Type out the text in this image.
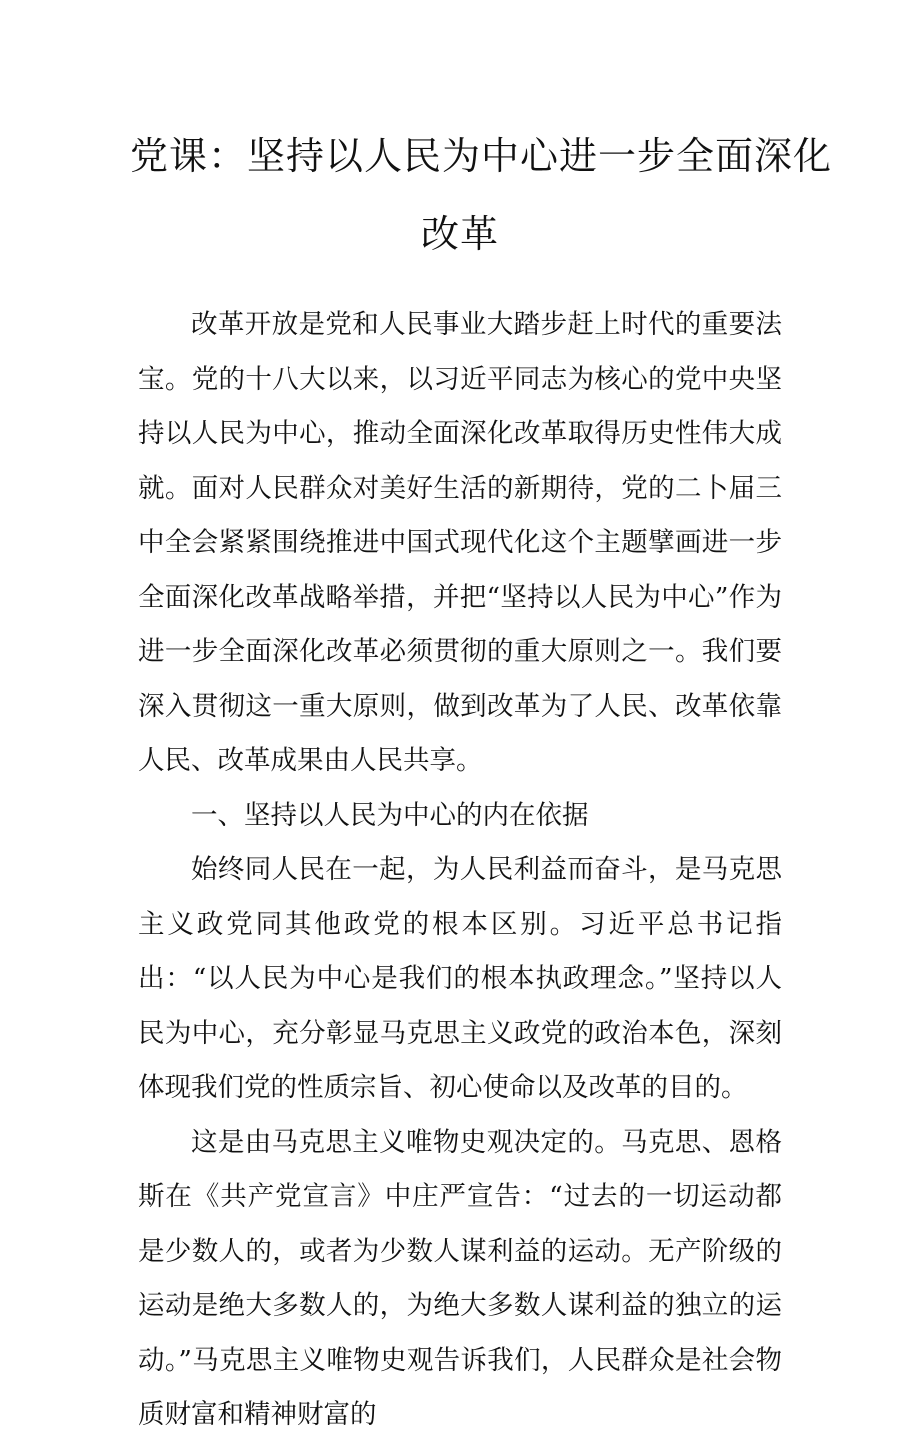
党课：坚持以人民为中心进一步全面深化
改革

改革开放是党和人民事业大踏步赶上时代的重要法宝。党的十八大以来，以习近平同志为核心的党中央坚持以人民为中心，推动全面深化改革取得历史性伟大成就。面对人民群众对美好生活的新期待，党的二卜届三中全会紧紧围绕推进中国式现代化这个主题擘画进一步全面深化改革战略举措，并把“坚持以人民为中心”作为进一步全面深化改革必须贯彻的重大原则之一。我们要深入贯彻这一重大原则，做到改革为了人民、改革依靠人民、改革成果由人民共享。

一、坚持以人民为中心的内在依据

始终同人民在一起，为人民利益而奋斗，是马克思主义政党同其他政党的根本区别。习近平总书记指出：“以人民为中心是我们的根本执政理念。”坚持以人民为中心，充分彰显马克思主义政党的政治本色，深刻体现我们党的性质宗旨、初心使命以及改革的目的。

这是由马克思主义唯物史观决定的。马克思、恩格斯在《共产党宣言》中庄严宣告：“过去的一切运动都是少数人的，或者为少数人谋利益的运动。无产阶级的运动是绝大多数人的，为绝大多数人谋利益的独立的运动。”马克思主义唯物史观告诉我们，人民群众是社会物质财富和精神财富的
